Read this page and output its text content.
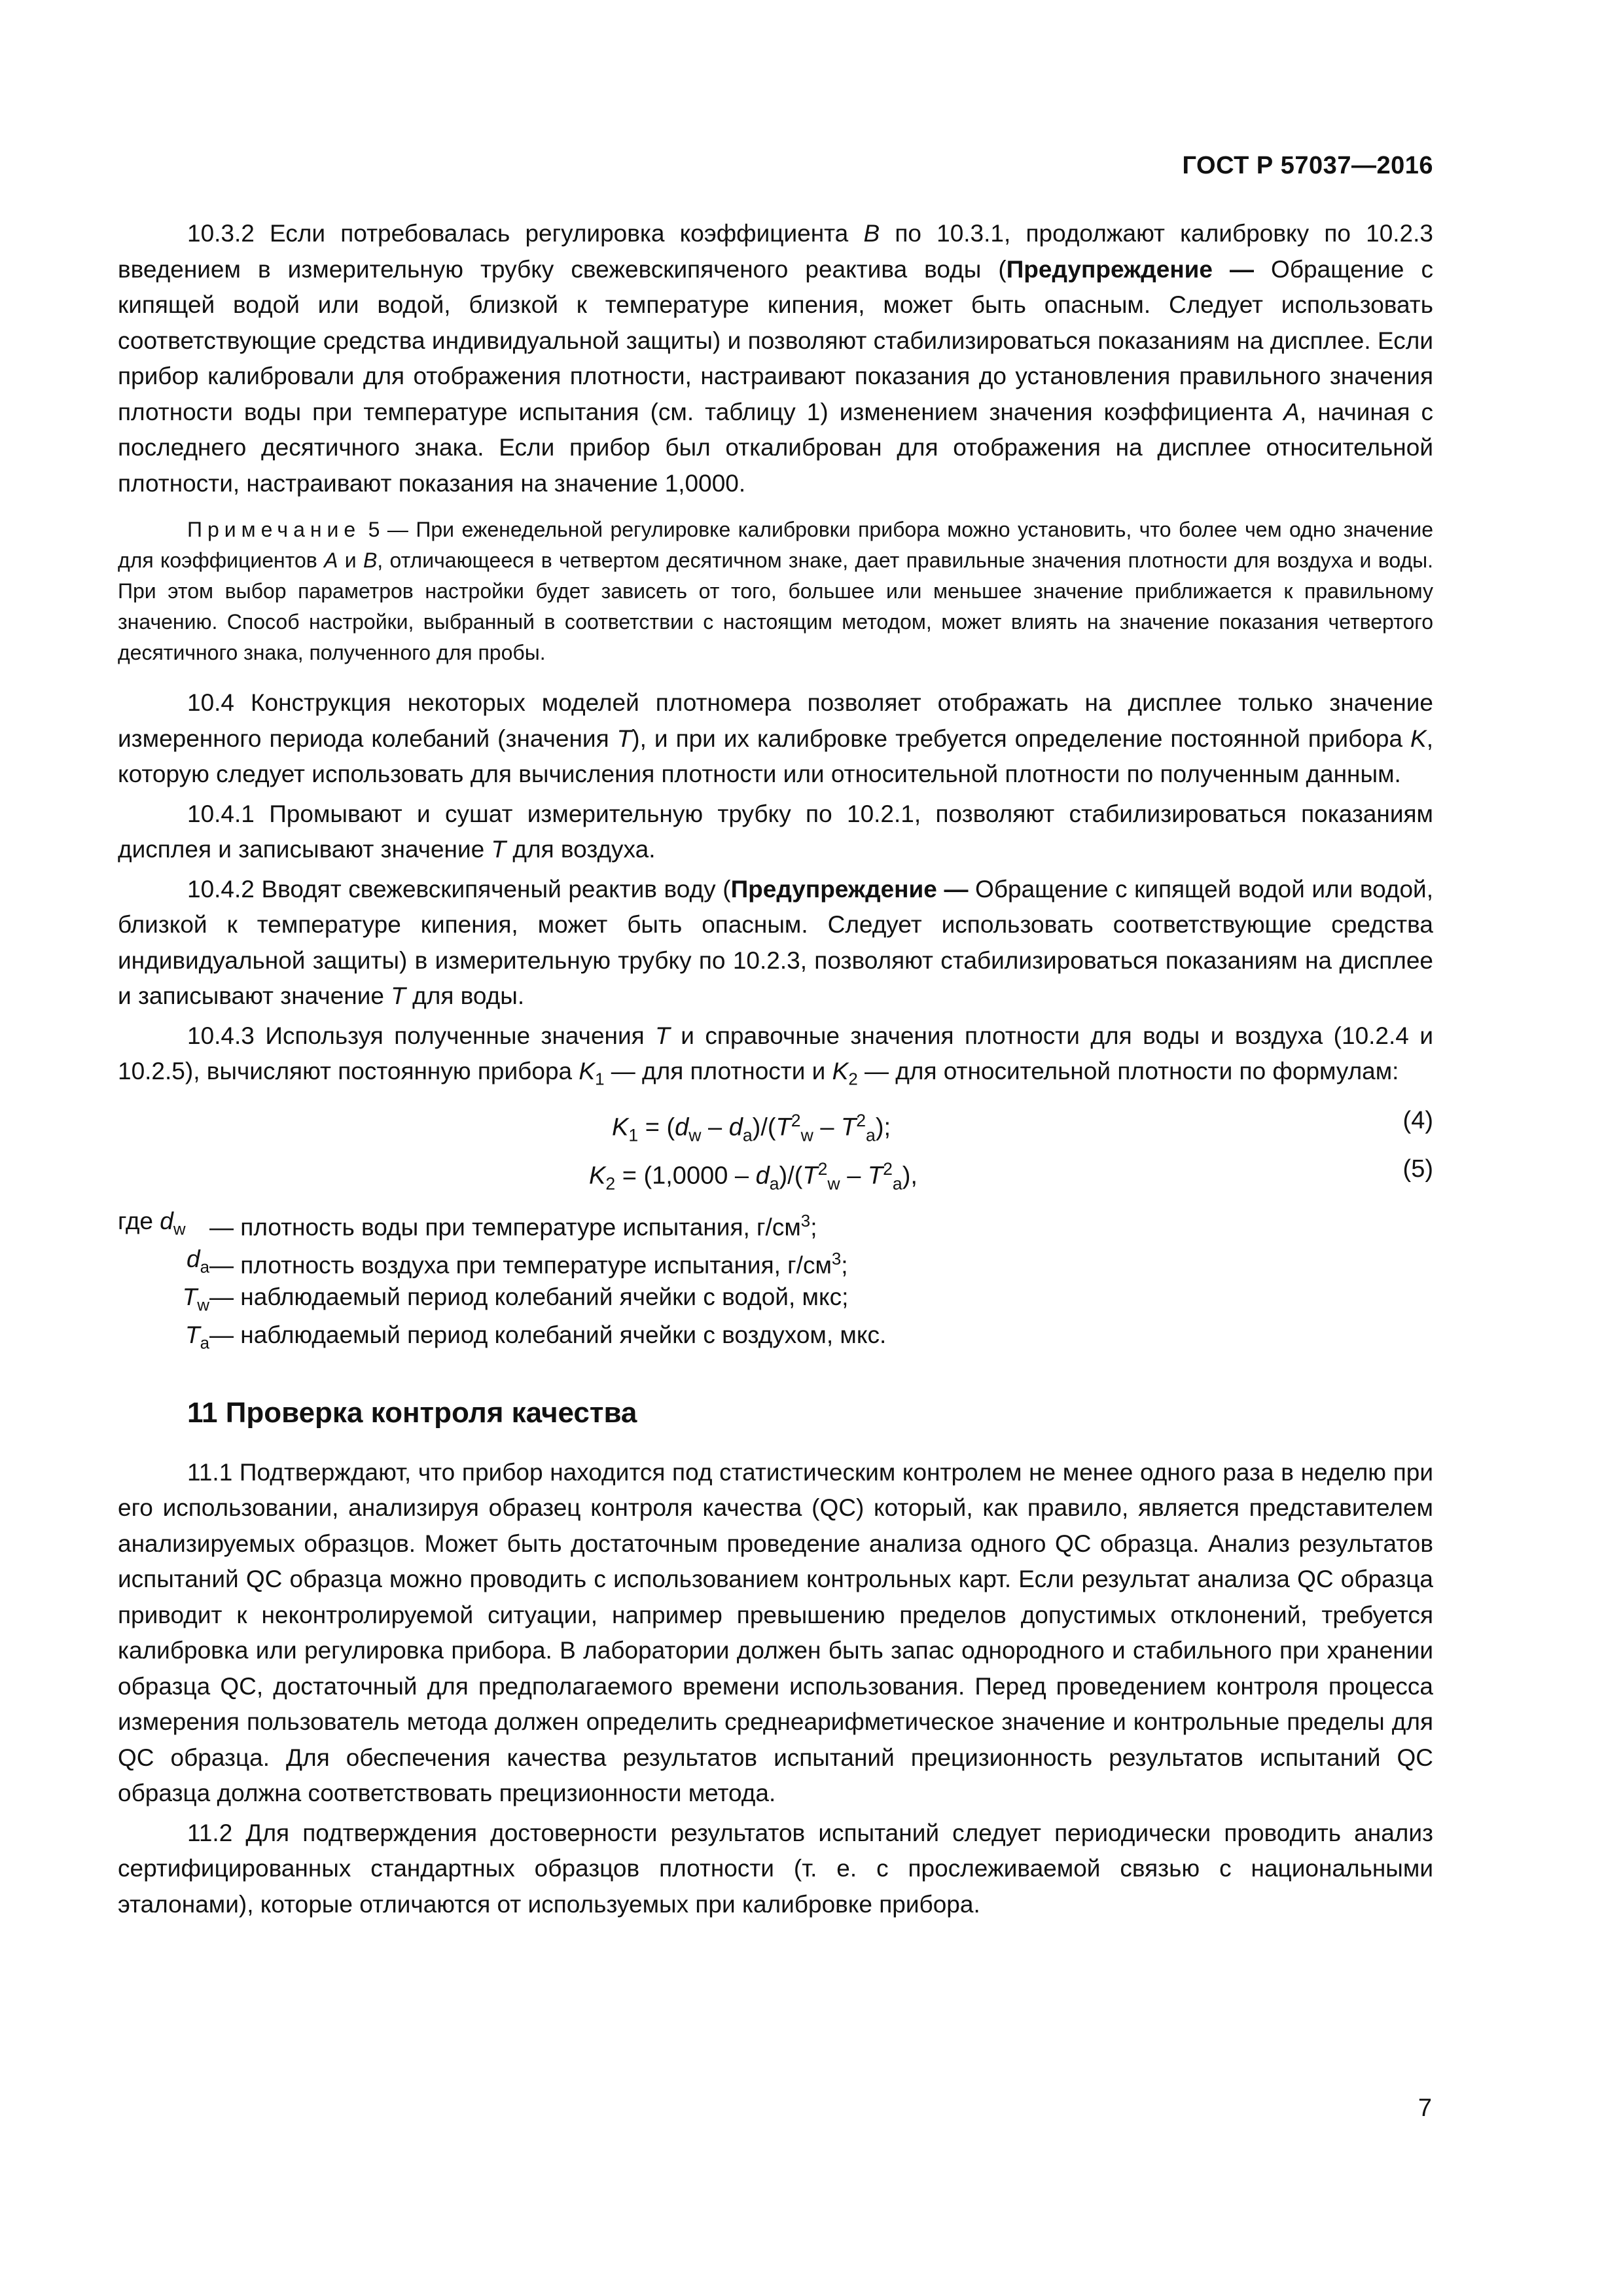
ГОСТ Р 57037—2016

10.3.2 Если потребовалась регулировка коэффициента B по 10.3.1, продолжают калибровку по 10.2.3 введением в измерительную трубку свежевскипяченого реактива воды (Предупреждение — Обращение с кипящей водой или водой, близкой к температуре кипения, может быть опасным. Следует использовать соответствующие средства индивидуальной защиты) и позволяют стабилизироваться показаниям на дисплее. Если прибор калибровали для отображения плотности, настраивают показания до установления правильного значения плотности воды при температуре испытания (см. таблицу 1) изменением значения коэффициента A, начиная с последнего десятичного знака. Если прибор был откалиброван для отображения на дисплее относительной плотности, настраивают показания на значение 1,0000.

Примечание 5 — При еженедельной регулировке калибровки прибора можно установить, что более чем одно значение для коэффициентов A и B, отличающееся в четвертом десятичном знаке, дает правильные значения плотности для воздуха и воды. При этом выбор параметров настройки будет зависеть от того, большее или меньшее значение приближается к правильному значению. Способ настройки, выбранный в соответствии с настоящим методом, может влиять на значение показания четвертого десятичного знака, полученного для пробы.

10.4 Конструкция некоторых моделей плотномера позволяет отображать на дисплее только значение измеренного периода колебаний (значения T), и при их калибровке требуется определение постоянной прибора K, которую следует использовать для вычисления плотности или относительной плотности по полученным данным.

10.4.1 Промывают и сушат измерительную трубку по 10.2.1, позволяют стабилизироваться показаниям дисплея и записывают значение T для воздуха.

10.4.2 Вводят свежевскипяченый реактив воду (Предупреждение — Обращение с кипящей водой или водой, близкой к температуре кипения, может быть опасным. Следует использовать соответствующие средства индивидуальной защиты) в измерительную трубку по 10.2.3, позволяют стабилизироваться показаниям на дисплее и записывают значение T для воды.

10.4.3 Используя полученные значения T и справочные значения плотности для воды и воздуха (10.2.4 и 10.2.5), вычисляют постоянную прибора $K_1$ — для плотности и $K_2$ — для относительной плотности по формулам:

$K_1 = (d_w - d_a)/(T^2_w - T^2_a)$;	(4)
$K_2 = (1,0000 - d_a)/(T^2_w - T^2_a)$,	(5)
где $d_w$ — плотность воды при температуре испытания, $г/см^3$;
$d_a$ — плотность воздуха при температуре испытания, $г/см^3$;
$T_w$ — наблюдаемый период колебаний ячейки с водой, мкс;
$T_a$ — наблюдаемый период колебаний ячейки с воздухом, мкс.
11 Проверка контроля качества

11.1 Подтверждают, что прибор находится под статистическим контролем не менее одного раза в неделю при его использовании, анализируя образец контроля качества (QC) который, как правило, является представителем анализируемых образцов. Может быть достаточным проведение анализа одного QC образца. Анализ результатов испытаний QC образца можно проводить с использованием контрольных карт. Если результат анализа QC образца приводит к неконтролируемой ситуации, например превышению пределов допустимых отклонений, требуется калибровка или регулировка прибора. В лаборатории должен быть запас однородного и стабильного при хранении образца QC, достаточный для предполагаемого времени использования. Перед проведением контроля процесса измерения пользователь метода должен определить среднеарифметическое значение и контрольные пределы для QC образца. Для обеспечения качества результатов испытаний прецизионность результатов испытаний QC образца должна соответствовать прецизионности метода.

11.2 Для подтверждения достоверности результатов испытаний следует периодически проводить анализ сертифицированных стандартных образцов плотности (т. е. с прослеживаемой связью с национальными эталонами), которые отличаются от используемых при калибровке прибора.

7
